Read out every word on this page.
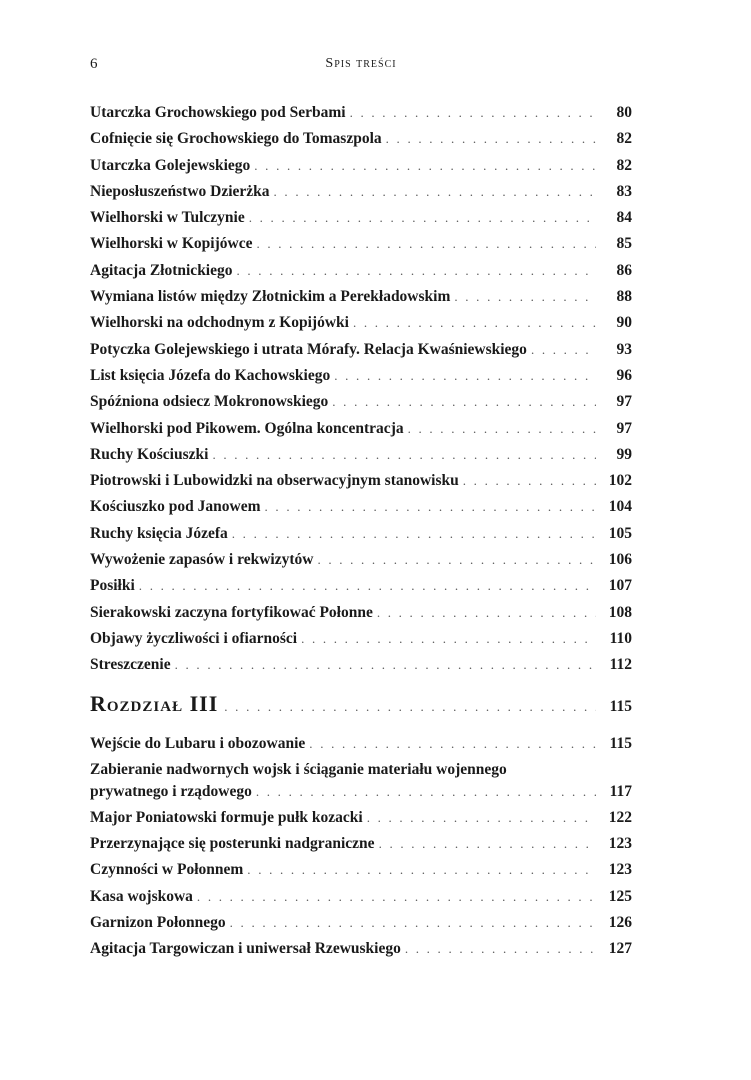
6	Spis treści
Utarczka Grochowskiego pod Serbami . . .	80
Cofnięcie się Grochowskiego do Tomaszpola . . .	82
Utarczka Golejewskiego . . .	82
Nieposłuszeństwo Dzierżka . . .	83
Wielhorski w Tulczynie . . .	84
Wielhorski w Kopijówce . . .	85
Agitacja Złotnickiego . . .	86
Wymiana listów między Złotnickim a Perekładowskim . . .	88
Wielhorski na odchodnym z Kopijówki . . .	90
Potyczka Golejewskiego i utrata Mórafy. Relacja Kwaśniewskiego . . .	93
List księcia Józefa do Kachowskiego . . .	96
Spóźniona odsiecz Mokronowskiego . . .	97
Wielhorski pod Pikowem. Ogólna koncentracja . . .	97
Ruchy Kościuszki . . .	99
Piotrowski i Lubowidzki na obserwacyjnym stanowisku . . .	102
Kościuszko pod Janowem . . .	104
Ruchy księcia Józefa . . .	105
Wywożenie zapasów i rekwizytów . . .	106
Posiłki . . .	107
Sierakowski zaczyna fortyfikować Połonne . . .	108
Objawy życzliwości i ofiarności . . .	110
Streszczenie . . .	112
Rozdział III . . .	115
Wejście do Lubaru i obozowanie . . .	115
Zabieranie nadwornych wojsk i ściąganie materiału wojennego
prywatnego i rządowego . . .	117
Major Poniatowski formuje pułk kozacki . . .	122
Przerzynające się posterunki nadgraniczne . . .	123
Czynności w Połonnem . . .	123
Kasa wojskowa . . .	125
Garnizon Połonnego . . .	126
Agitacja Targowiczan i uniwersał Rzewuskiego . . .	127
